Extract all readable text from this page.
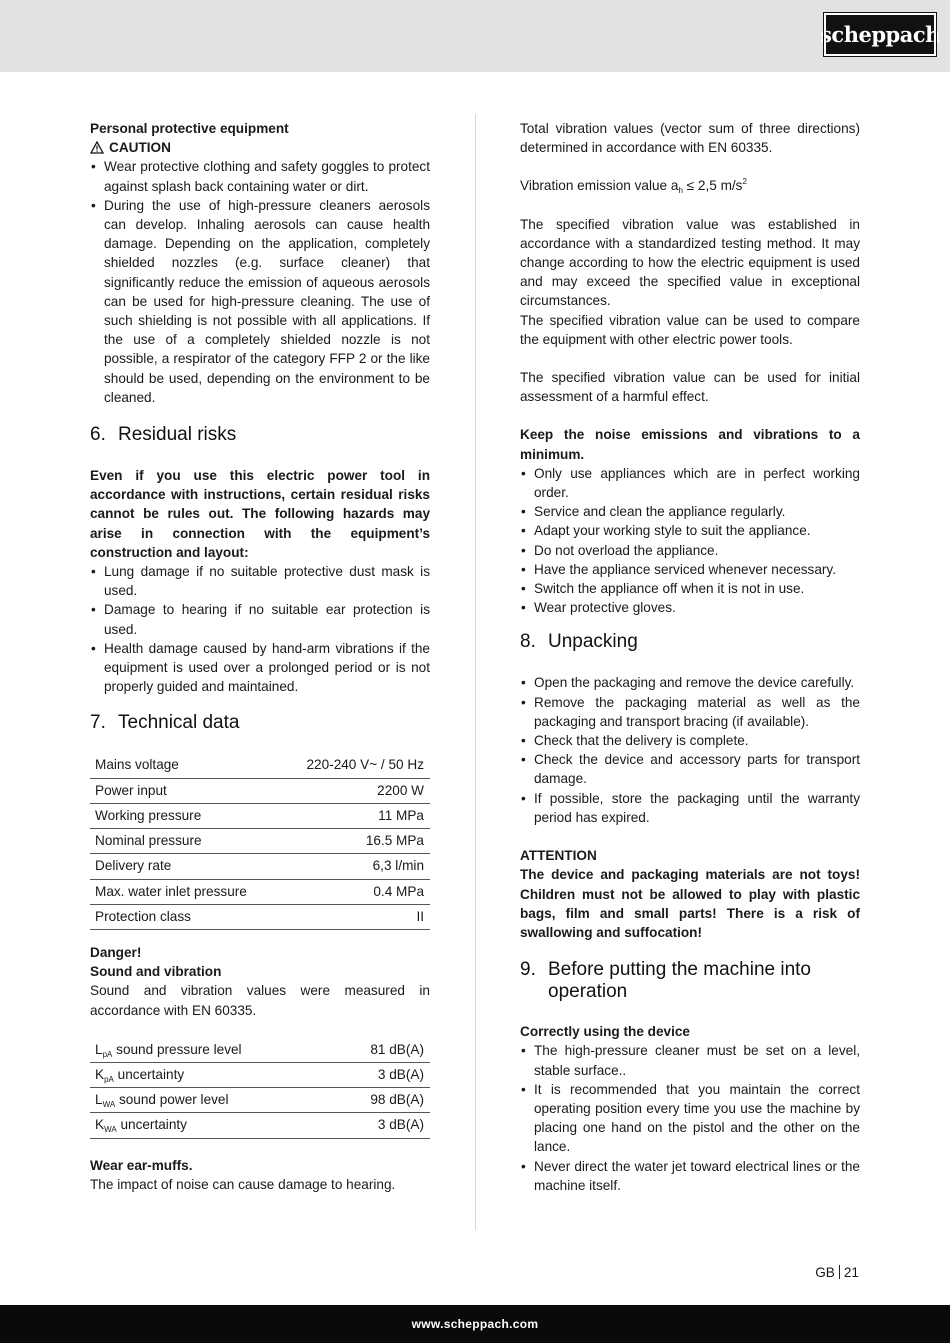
scheppach

Personal protective equipment

CAUTION
• Wear protective clothing and safety goggles to protect against splash back containing water or dirt.
• During the use of high-pressure cleaners aerosols can develop. Inhaling aerosols can cause health damage. Depending on the application, completely shielded nozzles (e.g. surface cleaner) that significantly reduce the emission of aqueous aerosols can be used for high-pressure cleaning. The use of such shielding is not possible with all applications. If the use of a completely shielded nozzle is not possible, a respirator of the category FFP 2 or the like should be used, depending on the environment to be cleaned.
6. Residual risks

Even if you use this electric power tool in accordance with instructions, certain residual risks cannot be rules out. The following hazards may arise in connection with the equipment’s construction and layout:

• Lung damage if no suitable protective dust mask is used.
• Damage to hearing if no suitable ear protection is used.
• Health damage caused by hand-arm vibrations if the equipment is used over a prolonged period or is not properly guided and maintained.
7. Technical data
Mains voltage	220-240 V~ / 50 Hz
Power input	2200 W
Working pressure	11 MPa
Nominal pressure	16.5 MPa
Delivery rate	6,3 l/min
Max. water inlet pressure	0.4 MPa
Protection class	II

Danger!

Sound and vibration

Sound and vibration values were measured in accordance with EN 60335.

$L_{pA}$ sound pressure level	81 dB(A)
$K_{pA}$ uncertainty	3 dB(A)
$L_{WA}$ sound power level	98 dB(A)
$K_{WA}$ uncertainty	3 dB(A)

Wear ear-muffs.

The impact of noise can cause damage to hearing.

Total vibration values (vector sum of three directions) determined in accordance with EN 60335.

Vibration emission value $a_h \le 2,5$ $m/s^2$

The specified vibration value was established in accordance with a standardized testing method. It may change according to how the electric equipment is used and may exceed the specified value in exceptional circumstances.

The specified vibration value can be used to compare the equipment with other electric power tools.

The specified vibration value can be used for initial assessment of a harmful effect.

Keep the noise emissions and vibrations to a minimum.

• Only use appliances which are in perfect working order.
• Service and clean the appliance regularly.
• Adapt your working style to suit the appliance.
• Do not overload the appliance.
• Have the appliance serviced whenever necessary.
• Switch the appliance off when it is not in use.
• Wear protective gloves.
8. Unpacking
• Open the packaging and remove the device carefully.
• Remove the packaging material as well as the packaging and transport bracing (if available).
• Check that the delivery is complete.
• Check the device and accessory parts for transport damage.
• If possible, store the packaging until the warranty period has expired.

ATTENTION

The device and packaging materials are not toys! Children must not be allowed to play with plastic bags, film and small parts! There is a risk of swallowing and suffocation!

9. Before putting the machine into operation

Correctly using the device

• The high-pressure cleaner must be set on a level, stable surface..
• It is recommended that you maintain the correct operating position every time you use the machine by placing one hand on the pistol and the other on the lance.
• Never direct the water jet toward electrical lines or the machine itself.
GB 21
www.scheppach.com
